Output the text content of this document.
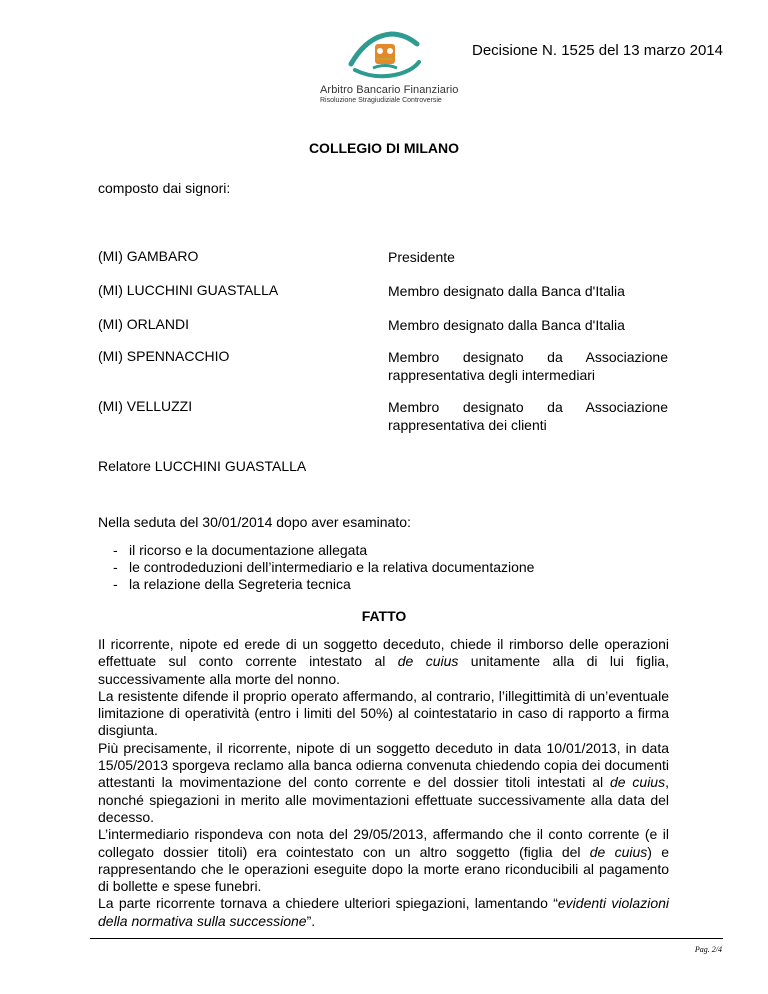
Arbitro Bancario Finanziario
Risoluzione Stragiudiziale Controversie
Decisione N. 1525 del 13 marzo 2014
COLLEGIO DI MILANO
composto dai signori:
(MI) GAMBARO	Presidente
(MI) LUCCHINI GUASTALLA	Membro designato dalla Banca d'Italia
(MI) ORLANDI	Membro designato dalla Banca d'Italia
(MI) SPENNACCHIO	Membro designato da Associazione
rappresentativa degli intermediari
(MI) VELLUZZI	Membro designato da Associazione
rappresentativa dei clienti
Relatore LUCCHINI GUASTALLA
Nella seduta del 30/01/2014 dopo aver esaminato:
- il ricorso e la documentazione allegata
- le controdeduzioni dell’intermediario e la relativa documentazione
- la relazione della Segreteria tecnica
FATTO

Il ricorrente, nipote ed erede di un soggetto deceduto, chiede il rimborso delle operazioni effettuate sul conto corrente intestato al de cuius unitamente alla di lui figlia, successivamente alla morte del nonno.

La resistente difende il proprio operato affermando, al contrario, l’illegittimità di un’eventuale limitazione di operatività (entro i limiti del 50%) al cointestatario in caso di rapporto a firma disgiunta.

Più precisamente, il ricorrente, nipote di un soggetto deceduto in data 10/01/2013, in data 15/05/2013 sporgeva reclamo alla banca odierna convenuta chiedendo copia dei documenti attestanti la movimentazione del conto corrente e del dossier titoli intestati al de cuius, nonché spiegazioni in merito alle movimentazioni effettuate successivamente alla data del decesso.

L’intermediario rispondeva con nota del 29/05/2013, affermando che il conto corrente (e il collegato dossier titoli) era cointestato con un altro soggetto (figlia del de cuius) e rappresentando che le operazioni eseguite dopo la morte erano riconducibili al pagamento di bollette e spese funebri.

La parte ricorrente tornava a chiedere ulteriori spiegazioni, lamentando “evidenti violazioni della normativa sulla successione”.

Pag. 2/4
